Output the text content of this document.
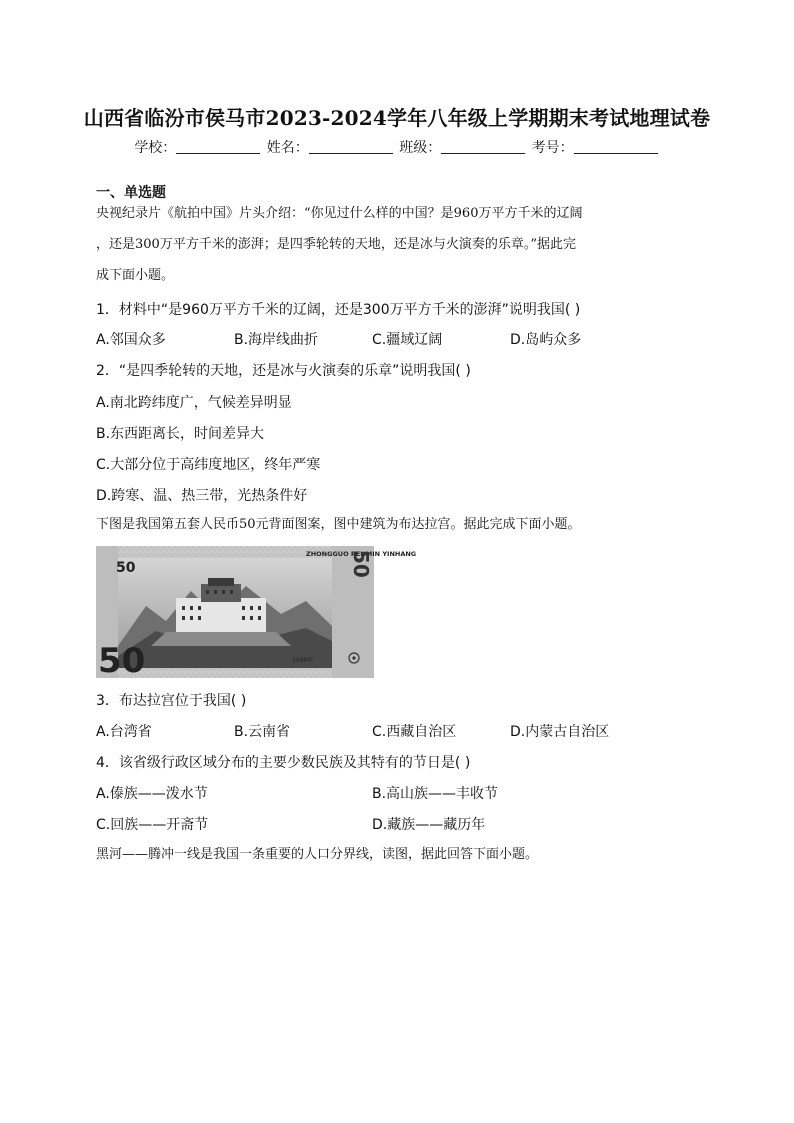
山西省临汾市侯马市2023-2024学年八年级上学期期末考试地理试卷
学校：	姓名：	班级：	考号：
一、单选题
央视纪录片《航拍中国》片头介绍：“你见过什么样的中国？是960万平方千米的辽阔
，还是300万平方千米的澎湃；是四季轮转的天地，还是冰与火演奏的乐章。”据此完
成下面小题。
1．材料中“是960万平方千米的辽阔，还是300万平方千米的澎湃”说明我国( )
A.邻国众多	B.海岸线曲折	C.疆域辽阔	D.岛屿众多
2．“是四季轮转的天地，还是冰与火演奏的乐章”说明我国( )
A.南北跨纬度广，气候差异明显
B.东西距离长，时间差异大
C.大部分位于高纬度地区，终年严寒
D.跨寒、温、热三带，光热条件好
下图是我国第五套人民币50元背面图案，图中建筑为布达拉宫。据此完成下面小题。
50
ZHONGGUO RENMIN YINHANG
50
50
1999年
3．布达拉宫位于我国( )
A.台湾省	B.云南省	C.西藏自治区	D.内蒙古自治区
4．该省级行政区域分布的主要少数民族及其特有的节日是( )
A.傣族——泼水节	B.高山族——丰收节
C.回族——开斋节	D.藏族——藏历年
黑河——腾冲一线是我国一条重要的人口分界线，读图，据此回答下面小题。
